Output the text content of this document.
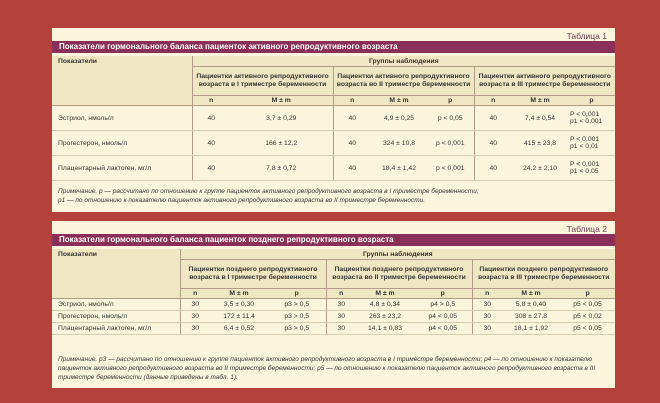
Таблица 1
Показатели гормонального баланса пациенток активного репродуктивного возраста
Показатели	Группы наблюдения							
	Пациентки активного репродуктивного возраста в I триместре беременности		Пациентки активного репродуктивного возраста во II триместре беременности			Пациентки активного репродуктивного возраста в III триместре беременности		
	n	M ± m	n	M ± m	p	n	M ± m	p
Эстриол, нмоль/л	40	3,7 ± 0,29	40	4,9 ± 0,25	p < 0,05	40	7,4 ± 0,54	P < 0,001
p1 < 0,001

Прогестерон, нмоль/л	40	166 ± 12,2	40	324 ± 10,8	p < 0,001	40	415 ± 23,8	P < 0,001
p1 < 0,01

Плацентарный лактоген, мг/л	40	7,8 ± 0,72	40	18,4 ± 1,42	p < 0,001	40	24,2 ± 2,10	P < 0,001
p1 < 0,05
Примечание. p — рассчитано по отношению к группе пациенток активного репродуктивного возраста в I триместре беременности;
p1 — по отношению к показателю пациенток активного репродуктивного возраста во II триместре беременности.
Таблица 2
Показатели гормонального баланса пациенток позднего репродуктивного возраста
Показатели	Группы наблюдения								
	Пациентки позднего репродуктивного возраста в I триместре беременности			Пациентки позднего репродуктивного возраста во II триместре беременности			Пациентки позднего репродуктивного возраста в III триместре беременности		
	n	M ± m	p	n	M ± m	p	n	M ± m	p
Эстриол, нмоль/л	30	3,5 ± 0,30	p3 > 0,5	30	4,8 ± 0,34	p4 > 0,5	30	5,8 ± 0,40	p5 < 0,05
Прогестерон, нмоль/л	30	172 ± 11,4	p3 > 0,5	30	263 ± 23,2	p4 < 0,05	30	308 ± 27,8	p5 < 0,02
Плацентарный лактоген, мг/л	30	6,4 ± 0,52	p3 > 0,5	30	14,1 ± 0,83	p4 < 0,05	30	18,1 ± 1,92	p5 < 0,05
Примечание. p3 — рассчитано по отношению к группе пациенток активного репродуктивного возраста в I триместре беременности; p4 — по отношению к показателю пациенток активного репродуктивного возраста во II триместре беременности; p5 — по отношению к показателю пациенток активного репродуктивного возраста в III триместре беременности (данные приведены в табл. 1).
